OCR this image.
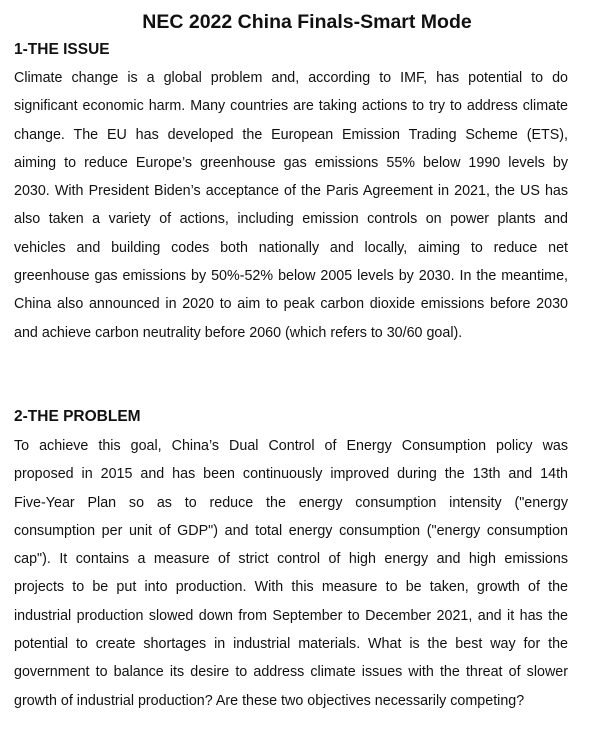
NEC 2022 China Finals-Smart Mode
1-THE ISSUE
Climate change is a global problem and, according to IMF, has potential to do
significant economic harm. Many countries are taking actions to try to address climate
change. The EU has developed the European Emission Trading Scheme (ETS),
aiming to reduce Europe’s greenhouse gas emissions 55% below 1990 levels by
2030. With President Biden’s acceptance of the Paris Agreement in 2021, the US has
also taken a variety of actions, including emission controls on power plants and
vehicles and building codes both nationally and locally, aiming to reduce net
greenhouse gas emissions by 50%-52% below 2005 levels by 2030. In the meantime,
China also announced in 2020 to aim to peak carbon dioxide emissions before 2030
and achieve carbon neutrality before 2060 (which refers to 30/60 goal).
2-THE PROBLEM
To achieve this goal, China’s Dual Control of Energy Consumption policy was
proposed in 2015 and has been continuously improved during the 13th and 14th
Five-Year Plan so as to reduce the energy consumption intensity ("energy
consumption per unit of GDP") and total energy consumption ("energy consumption
cap"). It contains a measure of strict control of high energy and high emissions
projects to be put into production. With this measure to be taken, growth of the
industrial production slowed down from September to December 2021, and it has the
potential to create shortages in industrial materials. What is the best way for the
government to balance its desire to address climate issues with the threat of slower
growth of industrial production? Are these two objectives necessarily competing?
